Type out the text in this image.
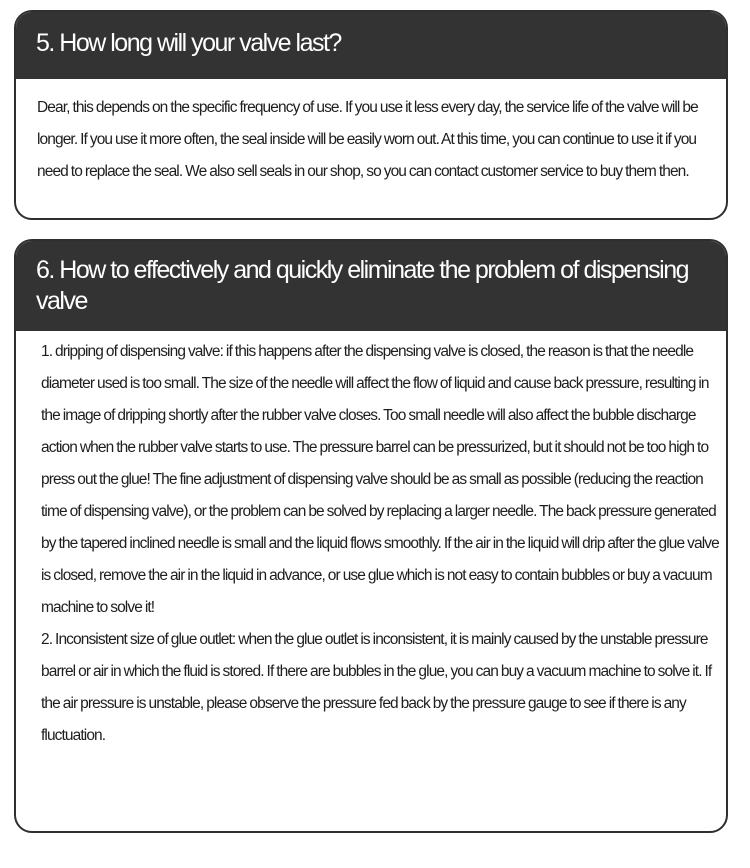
5. How long will your valve last?

Dear, this depends on the specific frequency of use. If you use it less every day, the service life of the valve will be longer. If you use it more often, the seal inside will be easily worn out. At this time, you can continue to use it if you need to replace the seal. We also sell seals in our shop, so you can contact customer service to buy them then.

6. How to effectively and quickly eliminate the problem of dispensing valve

1. dripping of dispensing valve: if this happens after the dispensing valve is closed, the reason is that the needle diameter used is too small. The size of the needle will affect the flow of liquid and cause back pressure, resulting in the image of dripping shortly after the rubber valve closes. Too small needle will also affect the bubble discharge action when the rubber valve starts to use. The pressure barrel can be pressurized, but it should not be too high to press out the glue! The fine adjustment of dispensing valve should be as small as possible (reducing the reaction time of dispensing valve), or the problem can be solved by replacing a larger needle. The back pressure generated by the tapered inclined needle is small and the liquid flows smoothly. If the air in the liquid will drip after the glue valve is closed, remove the air in the liquid in advance, or use glue which is not easy to contain bubbles or buy a vacuum machine to solve it!

2. Inconsistent size of glue outlet: when the glue outlet is inconsistent, it is mainly caused by the unstable pressure barrel or air in which the fluid is stored. If there are bubbles in the glue, you can buy a vacuum machine to solve it. If the air pressure is unstable, please observe the pressure fed back by the pressure gauge to see if there is any fluctuation.
